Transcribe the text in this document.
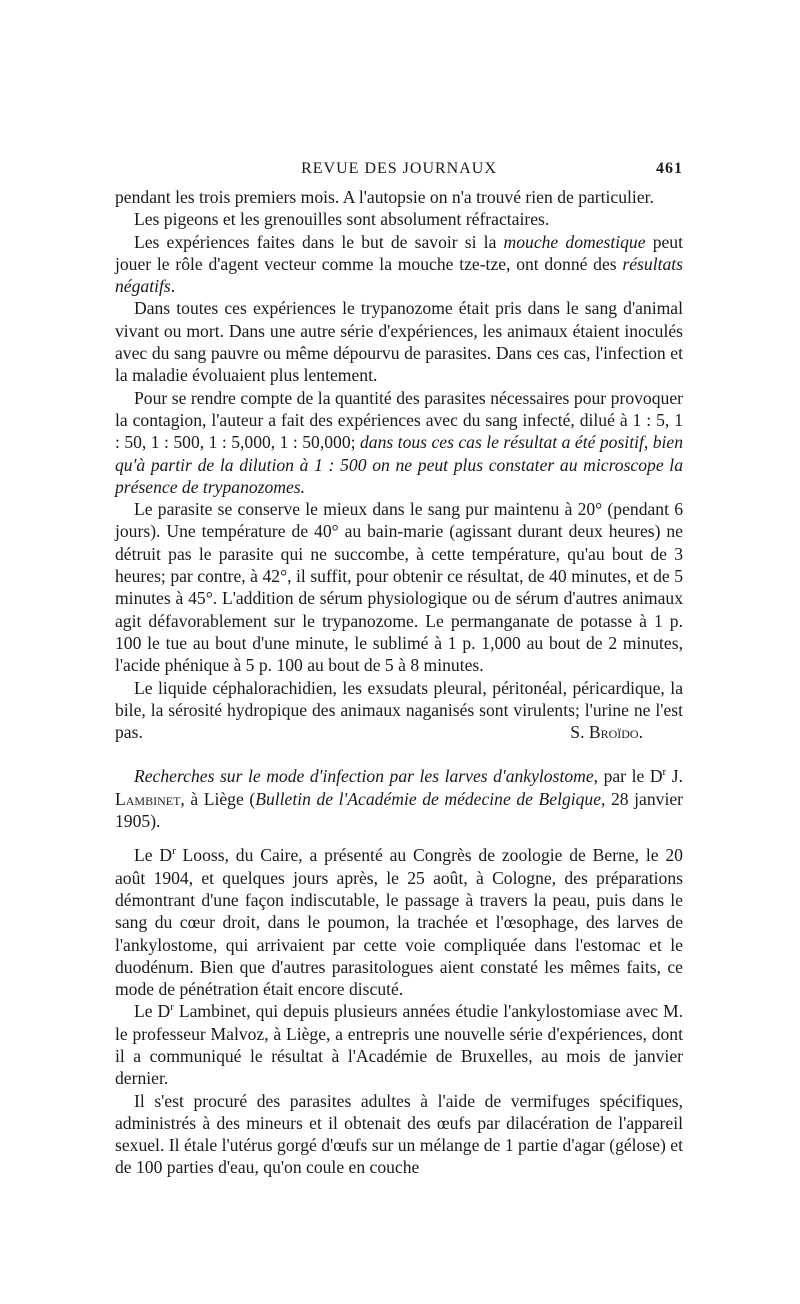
REVUE DES JOURNAUX	461

pendant les trois premiers mois. A l'autopsie on n'a trouvé rien de particulier.

Les pigeons et les grenouilles sont absolument réfractaires.

Les expériences faites dans le but de savoir si la mouche domestique peut jouer le rôle d'agent vecteur comme la mouche tze-tze, ont donné des résultats négatifs.

Dans toutes ces expériences le trypanozome était pris dans le sang d'animal vivant ou mort. Dans une autre série d'expériences, les animaux étaient inoculés avec du sang pauvre ou même dépourvu de parasites. Dans ces cas, l'infection et la maladie évoluaient plus lentement.

Pour se rendre compte de la quantité des parasites nécessaires pour provoquer la contagion, l'auteur a fait des expériences avec du sang infecté, dilué à 1 : 5, 1 : 50, 1 : 500, 1 : 5,000, 1 : 50,000; dans tous ces cas le résultat a été positif, bien qu'à partir de la dilution à 1 : 500 on ne peut plus constater au microscope la présence de trypanozomes.

Le parasite se conserve le mieux dans le sang pur maintenu à 20° (pendant 6 jours). Une température de 40° au bain-marie (agissant durant deux heures) ne détruit pas le parasite qui ne succombe, à cette température, qu'au bout de 3 heures; par contre, à 42°, il suffit, pour obtenir ce résultat, de 40 minutes, et de 5 minutes à 45°. L'addition de sérum physiologique ou de sérum d'autres animaux agit défavorablement sur le trypanozome. Le permanganate de potasse à 1 p. 100 le tue au bout d'une minute, le sublimé à 1 p. 1,000 au bout de 2 minutes, l'acide phénique à 5 p. 100 au bout de 5 à 8 minutes.

Le liquide céphalorachidien, les exsudats pleural, péritonéal, péricardique, la bile, la sérosité hydropique des animaux naganisés sont virulents; l'urine ne l'est pas.	S. Broïdo.

Recherches sur le mode d'infection par les larves d'ankylostome, par le $D^r$ J. Lambinet, à Liège (Bulletin de l'Académie de médecine de Belgique, 28 janvier 1905).

Le $D^r$ Looss, du Caire, a présenté au Congrès de zoologie de Berne, le 20 août 1904, et quelques jours après, le 25 août, à Cologne, des préparations démontrant d'une façon indiscutable, le passage à travers la peau, puis dans le sang du cœur droit, dans le poumon, la trachée et l'œsophage, des larves de l'ankylostome, qui arrivaient par cette voie compliquée dans l'estomac et le duodénum. Bien que d'autres parasitologues aient constaté les mêmes faits, ce mode de pénétration était encore discuté.

Le $D^r$ Lambinet, qui depuis plusieurs années étudie l'ankylostomiase avec M. le professeur Malvoz, à Liège, a entrepris une nouvelle série d'expériences, dont il a communiqué le résultat à l'Académie de Bruxelles, au mois de janvier dernier.

Il s'est procuré des parasites adultes à l'aide de vermifuges spécifiques, administrés à des mineurs et il obtenait des œufs par dilacération de l'appareil sexuel. Il étale l'utérus gorgé d'œufs sur un mélange de 1 partie d'agar (gélose) et de 100 parties d'eau, qu'on coule en couche
